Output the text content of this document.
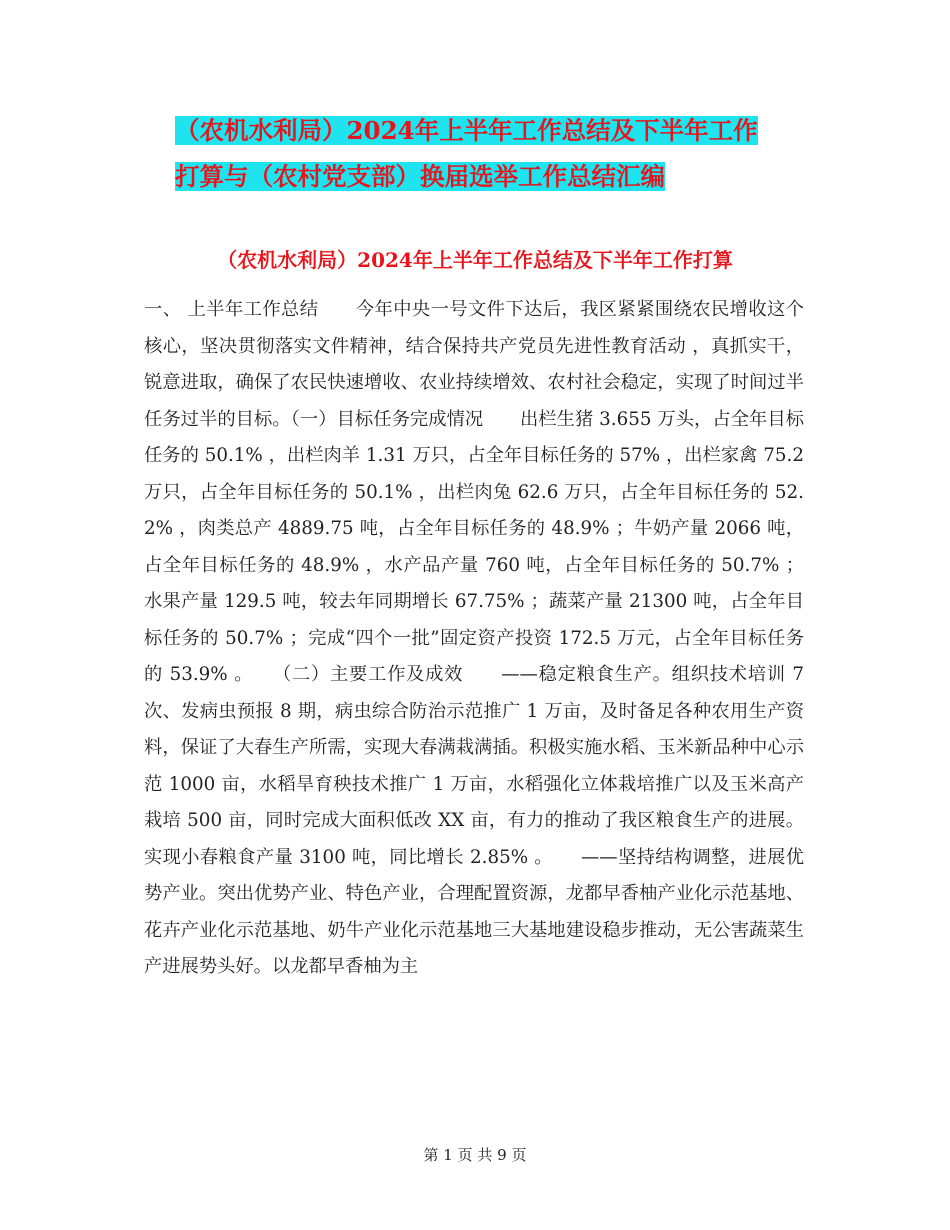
（农机水利局）2024年上半年工作总结及下半年工作
打算与（农村党支部）换届选举工作总结汇编
（农机水利局）2024年上半年工作总结及下半年工作打算

一、 上半年工作总结　　今年中央一号文件下达后，我区紧紧围绕农民增收这个核心，坚决贯彻落实文件精神，结合保持共产党员先进性教育活动 ，真抓实干，锐意进取，确保了农民快速增收、农业持续增效、农村社会稳定，实现了时间过半任务过半的目标。（一）目标任务完成情况　　出栏生猪 3.655 万头，占全年目标任务的 50.1% ，出栏肉羊 1.31 万只，占全年目标任务的 57% ，出栏家禽 75.2 万只，占全年目标任务的 50.1% ，出栏肉兔 62.6 万只，占全年目标任务的 52.2% ，肉类总产 4889.75 吨，占全年目标任务的 48.9% ；牛奶产量 2066 吨，占全年目标任务的 48.9% ，水产品产量 760 吨，占全年目标任务的 50.7% ；水果产量 129.5 吨，较去年同期增长 67.75% ；蔬菜产量 21300 吨，占全年目标任务的 50.7% ；完成“四个一批”固定资产投资 172.5 万元，占全年目标任务的 53.9% 。　　（二）主要工作及成效　　——稳定粮食生产。组织技术培训 7 次、发病虫预报 8 期，病虫综合防治示范推广 1 万亩，及时备足各种农用生产资料，保证了大春生产所需，实现大春满栽满插。积极实施水稻、玉米新品种中心示范 1000 亩，水稻旱育秧技术推广 1 万亩，水稻强化立体栽培推广以及玉米高产栽培 500 亩，同时完成大面积低改 XX 亩，有力的推动了我区粮食生产的进展。实现小春粮食产量 3100 吨，同比增长 2.85% 。　　——坚持结构调整，进展优势产业。突出优势产业、特色产业，合理配置资源，龙都早香柚产业化示范基地、花卉产业化示范基地、奶牛产业化示范基地三大基地建设稳步推动，无公害蔬菜生产进展势头好。以龙都早香柚为主

第 1 页 共 9 页
